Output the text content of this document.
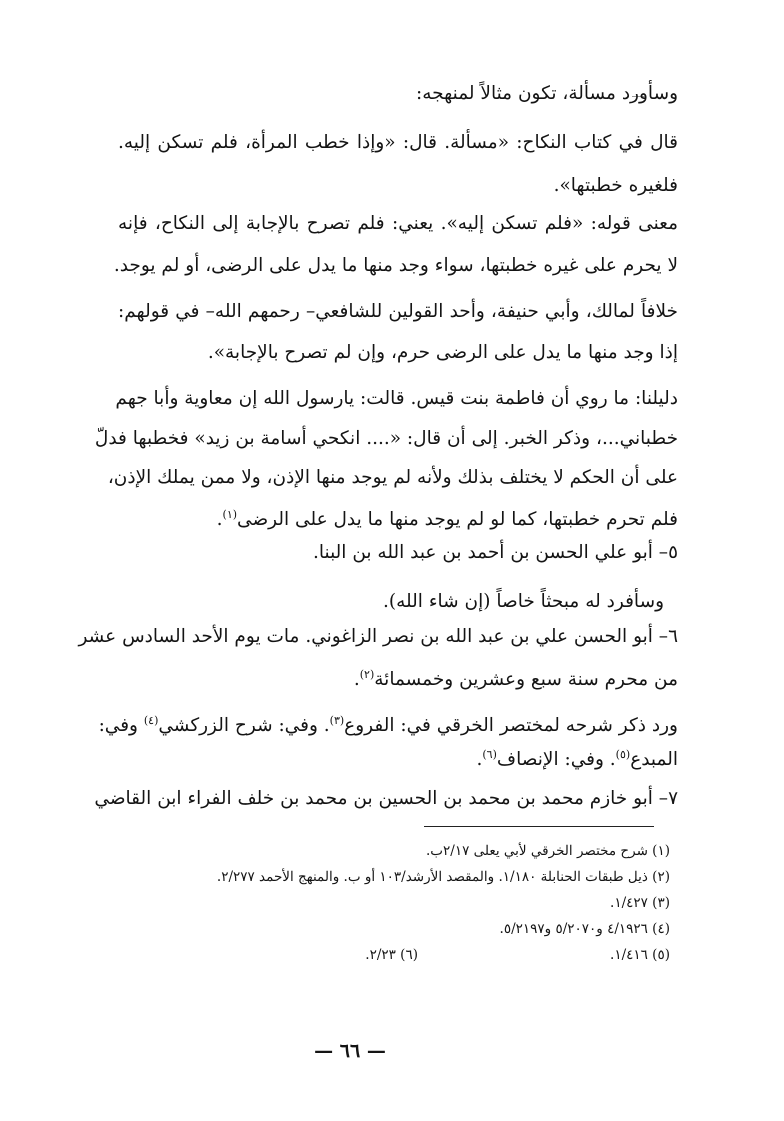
وسأورد مسألة، تكون مثالاً لمنهجه:
قال في كتاب النكاح: «مسألة. قال: «وإذا خطب المرأة، فلم تسكن إليه.
فلغيره خطبتها».
معنى قوله: «فلم تسكن إليه». يعني: فلم تصرح بالإجابة إلى النكاح، فإنه
لا يحرم على غيره خطبتها، سواء وجد منها ما يدل على الرضى، أو لم يوجد.
خلافاً لمالك، وأبي حنيفة، وأحد القولين للشافعي– رحمهم الله– في قولهم:
إذا وجد منها ما يدل على الرضى حرم، وإن لم تصرح بالإجابة».
دليلنا: ما روي أن فاطمة بنت قيس. قالت: يارسول الله إن معاوية وأبا جهم
خطباني...، وذكر الخبر. إلى أن قال: «.... انكحي أسامة بن زيد» فخطبها فدلّ
على أن الحكم لا يختلف بذلك ولأنه لم يوجد منها الإذن، ولا ممن يملك الإذن،
فلم تحرم خطبتها، كما لو لم يوجد منها ما يدل على الرضى$^{(١)}$.
٥– أبو علي الحسن بن أحمد بن عبد الله بن البنا.
وسأفرد له مبحثاً خاصاً (إن شاء الله).
٦– أبو الحسن علي بن عبد الله بن نصر الزاغوني. مات يوم الأحد السادس عشر
من محرم سنة سبع وعشرين وخمسمائة$^{(٢)}$.
ورد ذكر شرحه لمختصر الخرقي في: الفروع$^{(٣)}$. وفي: شرح الزركشي$^{(٤)}$ وفي:
المبدع$^{(٥)}$. وفي: الإنصاف$^{(٦)}$.
٧– أبو خازم محمد بن محمد بن الحسين بن محمد بن خلف الفراء ابن القاضي
(١) شرح مختصر الخرقي لأبي يعلى ٢/١٧ب.
(٢) ذيل طبقات الحنابلة ١/١٨٠. والمقصد الأرشد/١٠٣ أو ب. والمنهج الأحمد ٢/٢٧٧.
(٣) ١/٤٢٧.
(٤) ٤/١٩٢٦ و٥/٢٠٧٠ و٥/٢١٩٧.
(٥) ١/٤١٦.
(٦) ٢/٢٣.
— ٦٦ —
